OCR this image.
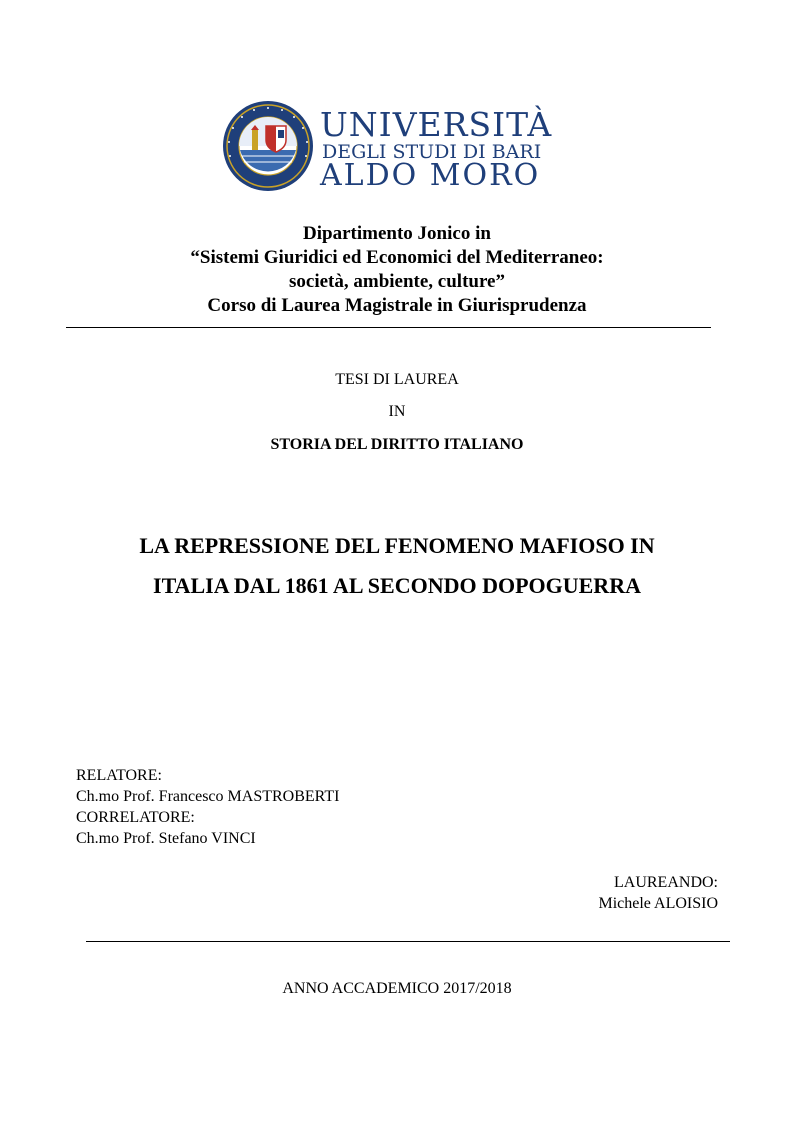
UNIVERSITÀ
DEGLI STUDI DI BARI
ALDO MORO
Dipartimento Jonico in
“Sistemi Giuridici ed Economici del Mediterraneo:
società, ambiente, culture”
Corso di Laurea Magistrale in Giurisprudenza
TESI DI LAUREA
IN
STORIA DEL DIRITTO ITALIANO
LA REPRESSIONE DEL FENOMENO MAFIOSO IN
ITALIA DAL 1861 AL SECONDO DOPOGUERRA
RELATORE:
Ch.mo Prof. Francesco MASTROBERTI
CORRELATORE:
Ch.mo Prof. Stefano VINCI
LAUREANDO:
Michele ALOISIO
ANNO ACCADEMICO 2017/2018
